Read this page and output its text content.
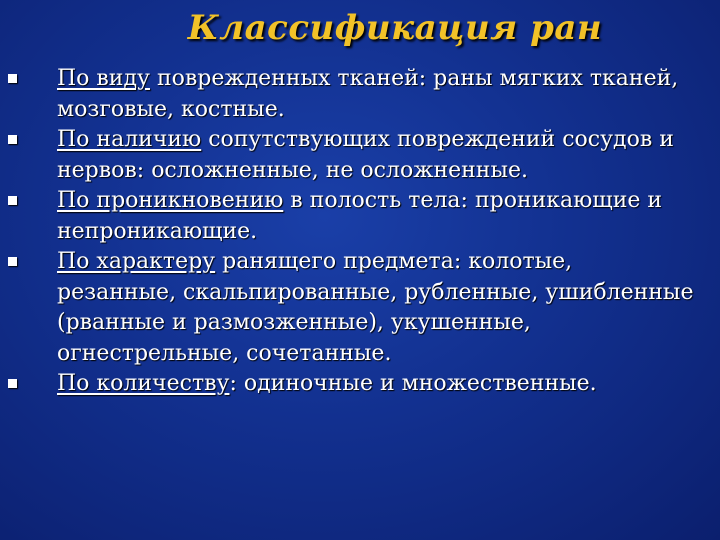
Классификация ран
По виду поврежденных тканей: раны мягких тканей, мозговые, костные.
По наличию сопутствующих повреждений сосудов и нервов: осложненные, не осложненные.
По проникновению в полость тела: проникающие и непроникающие.
По характеру ранящего предмета: колотые, резанные, скальпированные, рубленные, ушибленные (рванные и размозженные), укушенные, огнестрельные, сочетанные.
По количеству: одиночные и множественные.
